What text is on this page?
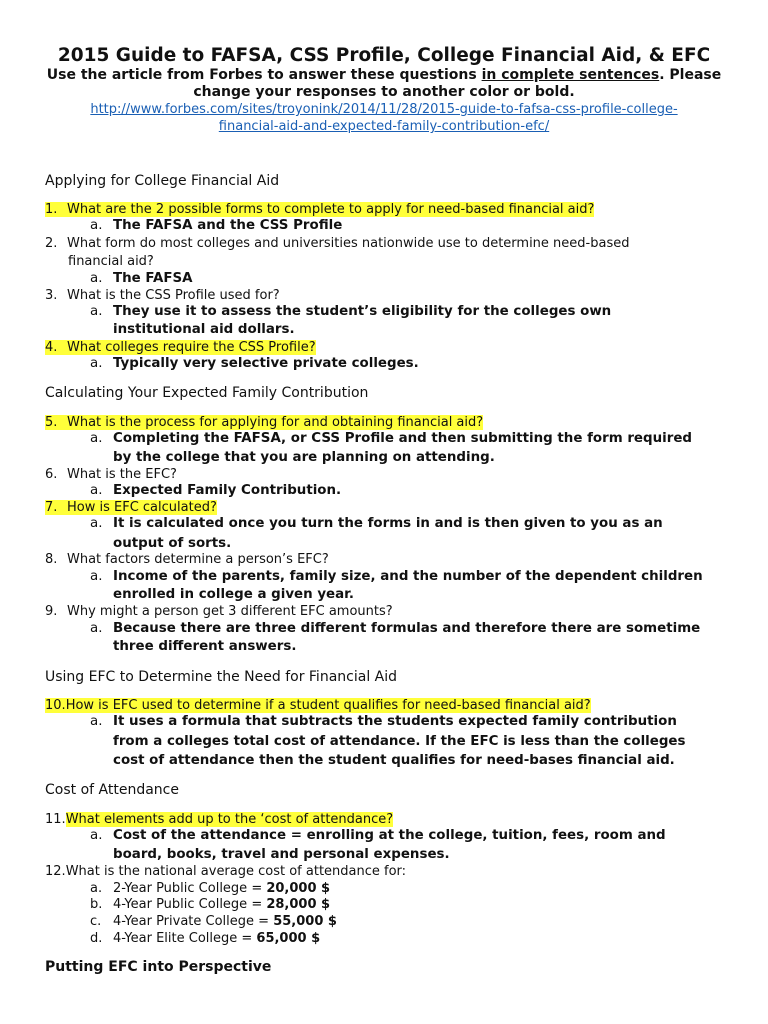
2015 Guide to FAFSA, CSS Profile, College Financial Aid, & EFC
Use the article from Forbes to answer these questions in complete sentences. Please
change your responses to another color or bold.
http://www.forbes.com/sites/troyonink/2014/11/28/2015-guide-to-fafsa-css-profile-college-
financial-aid-and-expected-family-contribution-efc/
Applying for College Financial Aid
1. What are the 2 possible forms to complete to apply for need-based financial aid?
a. The FAFSA and the CSS Profile
2. What form do most colleges and universities nationwide use to determine need-based
financial aid?
a. The FAFSA
3. What is the CSS Profile used for?
a. They use it to assess the student’s eligibility for the colleges own
institutional aid dollars.
4. What colleges require the CSS Profile?
a. Typically very selective private colleges.
Calculating Your Expected Family Contribution
5. What is the process for applying for and obtaining financial aid?
a. Completing the FAFSA, or CSS Profile and then submitting the form required
by the college that you are planning on attending.
6. What is the EFC?
a. Expected Family Contribution.
7. How is EFC calculated?
a. It is calculated once you turn the forms in and is then given to you as an
output of sorts.
8. What factors determine a person’s EFC?
a. Income of the parents, family size, and the number of the dependent children
enrolled in college a given year.
9. Why might a person get 3 different EFC amounts?
a. Because there are three different formulas and therefore there are sometime
three different answers.
Using EFC to Determine the Need for Financial Aid
10.How is EFC used to determine if a student qualifies for need-based financial aid?
a. It uses a formula that subtracts the students expected family contribution
from a colleges total cost of attendance. If the EFC is less than the colleges
cost of attendance then the student qualifies for need-bases financial aid.
Cost of Attendance
11.What elements add up to the ‘cost of attendance?
a. Cost of the attendance = enrolling at the college, tuition, fees, room and
board, books, travel and personal expenses.
12.What is the national average cost of attendance for:
a. 2-Year Public College = 20,000 $
b. 4-Year Public College = 28,000 $
c. 4-Year Private College = 55,000 $
d. 4-Year Elite College = 65,000 $
Putting EFC into Perspective
